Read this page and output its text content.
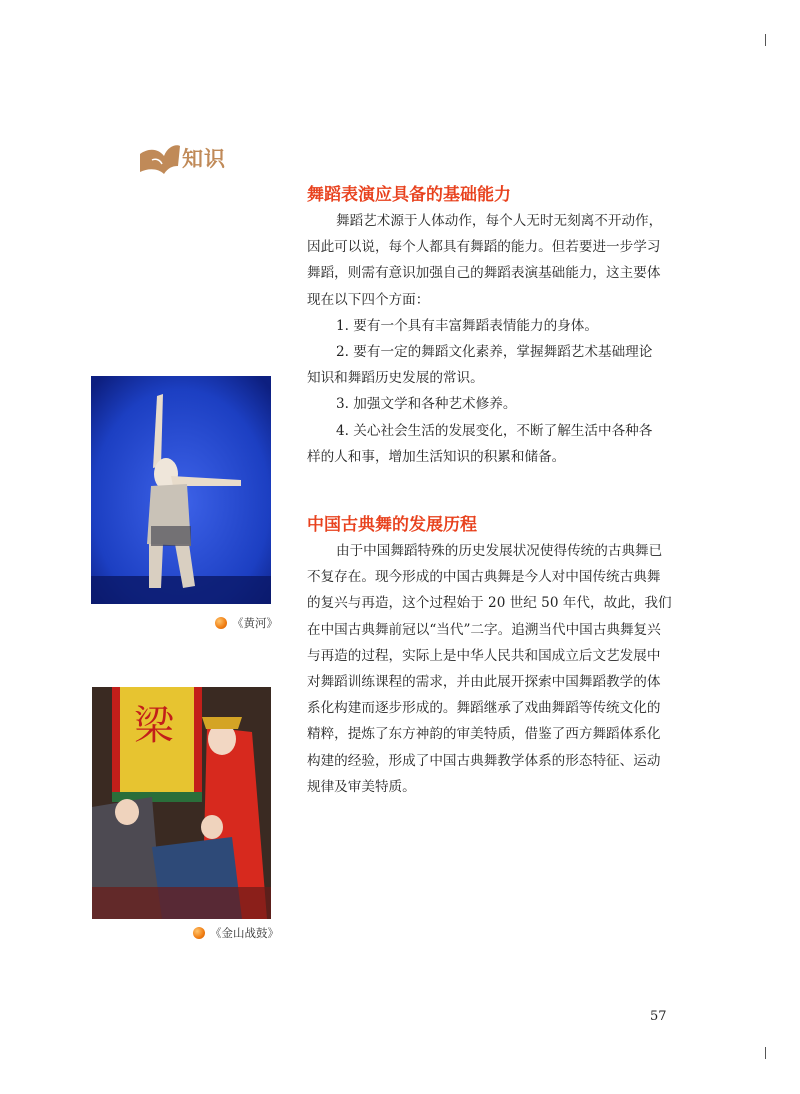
知识
舞蹈表演应具备的基础能力
舞蹈艺术源于人体动作，每个人无时无刻离不开动作，
因此可以说，每个人都具有舞蹈的能力。但若要进一步学习
舞蹈，则需有意识加强自己的舞蹈表演基础能力，这主要体
现在以下四个方面：
1. 要有一个具有丰富舞蹈表情能力的身体。
2. 要有一定的舞蹈文化素养，掌握舞蹈艺术基础理论
知识和舞蹈历史发展的常识。
3. 加强文学和各种艺术修养。
4. 关心社会生活的发展变化，不断了解生活中各种各
样的人和事，增加生活知识的积累和储备。
中国古典舞的发展历程
由于中国舞蹈特殊的历史发展状况使得传统的古典舞已
不复存在。现今形成的中国古典舞是今人对中国传统古典舞
的复兴与再造，这个过程始于 20 世纪 50 年代，故此，我们
在中国古典舞前冠以“当代”二字。追溯当代中国古典舞复兴
与再造的过程，实际上是中华人民共和国成立后文艺发展中
对舞蹈训练课程的需求，并由此展开探索中国舞蹈教学的体
系化构建而逐步形成的。舞蹈继承了戏曲舞蹈等传统文化的
精粹，提炼了东方神韵的审美特质，借鉴了西方舞蹈体系化
构建的经验，形成了中国古典舞教学体系的形态特征、运动
规律及审美特质。
《黄河》
梁
《金山战鼓》
57
